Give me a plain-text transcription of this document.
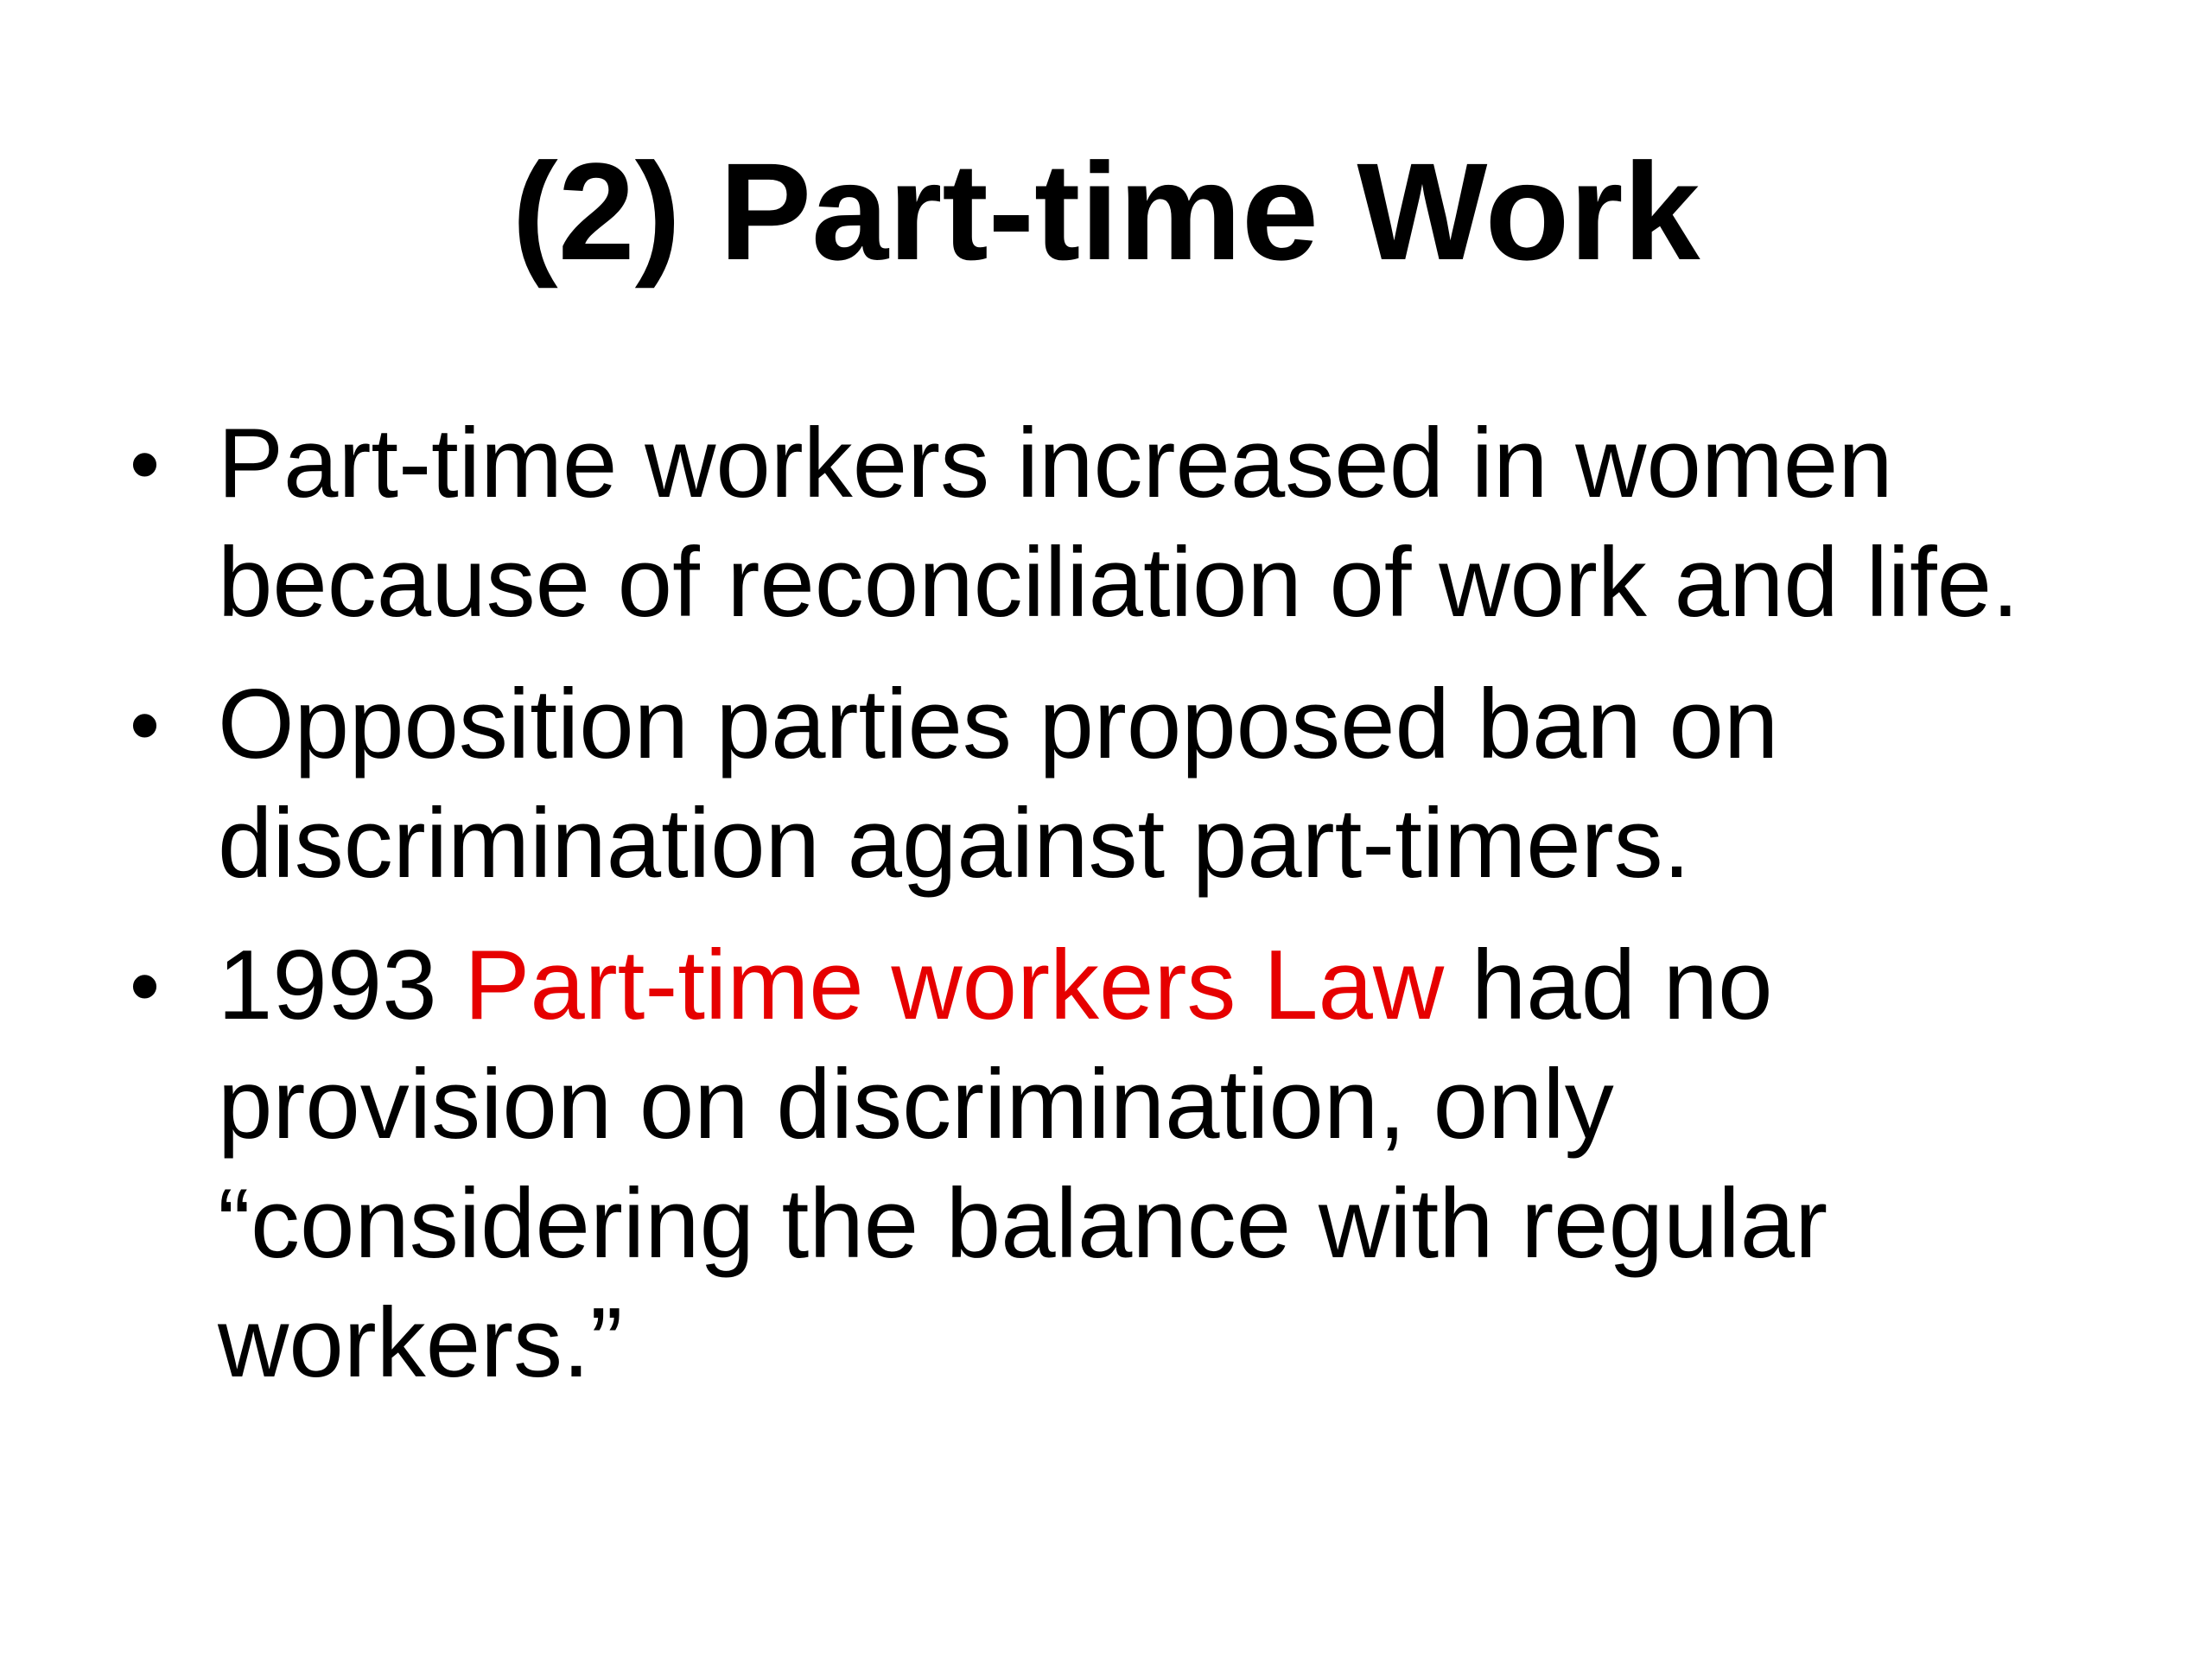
(2) Part-time Work
• Part-time workers increased in women because of reconciliation of work and life.
• Opposition parties proposed ban on discrimination against part-timers.
• 1993 Part-time workers Law had no provision on discrimination, only “considering the balance with regular workers.”
